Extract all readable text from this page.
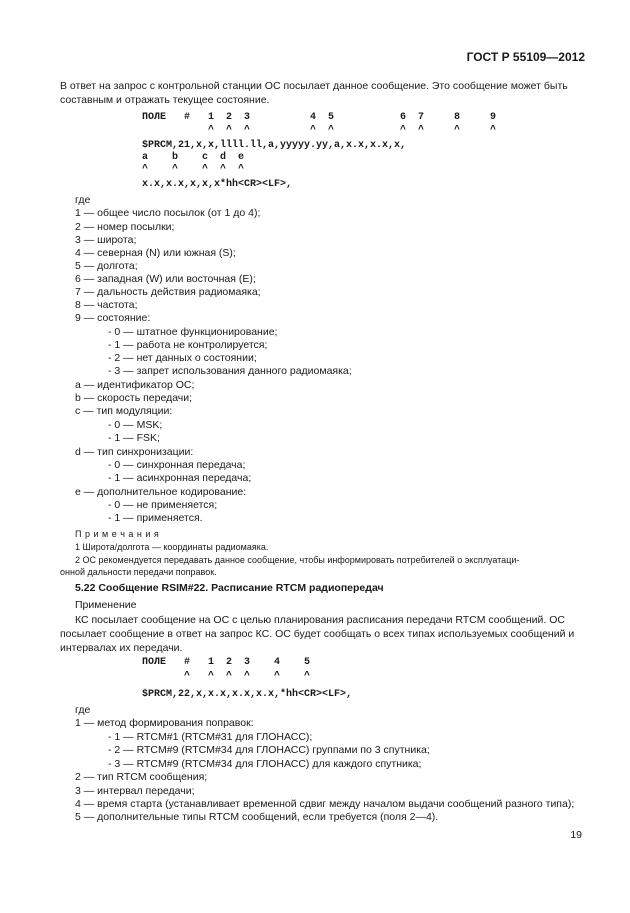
ГОСТ Р 55109—2012

В ответ на запрос с контрольной станции ОС посылает данное сообщение. Это сообщение может быть составным и отражать текущее состояние.

ПОЛЕ   #   1  2  3          4  5           6  7     8     9
^  ^  ^          ^  ^           ^  ^     ^     ^
$PRCM,21,x,x,llll.ll,a,yyyyy.yy,a,x.x,x.x,x,
a    b    c  d  e
^    ^    ^  ^  ^
x.x,x.x,x,x,x*hh<CR><LF>,
где
1 — общее число посылок (от 1 до 4);
2 — номер посылки;
3 — широта;
4 — северная (N) или южная (S);
5 — долгота;
6 — западная (W) или восточная (E);
7 — дальность действия радиомаяка;
8 — частота;
9 — состояние:
- 0 — штатное функционирование;
- 1 — работа не контролируется;
- 2 — нет данных о состоянии;
- 3 — запрет использования данного радиомаяка;
а — идентификатор ОС;
b — скорость передачи;
с — тип модуляции:
- 0 — MSK;
- 1 — FSK;
d — тип синхронизации:
- 0 — синхронная передача;
- 1 — асинхронная передача;
е — дополнительное кодирование:
- 0 — не применяется;
- 1 — применяется.
П р и м е ч а н и я
1 Широта/долгота — координаты радиомаяка.
2 ОС рекомендуется передавать данное сообщение, чтобы информировать потребителей о эксплуатаци-
онной дальности передачи поправок.
5.22 Сообщение RSIM#22. Расписание RTCM радиопередач
Применение

КС посылает сообщение на ОС с целью планирования расписания передачи RTCM сообщений. ОС посылает сообщение в ответ на запрос КС. ОС будет сообщать о всех типах используемых сообщений и интервалах их передачи.

ПОЛЕ   #   1  2  3    4    5
^   ^  ^  ^    ^    ^
$PRCM,22,x,x.x,x.x,x.x,*hh<CR><LF>,
где
1 — метод формирования поправок:
- 1 — RTCM#1 (RTCM#31 для ГЛОНАСС);
- 2 — RTCM#9 (RTCM#34 для ГЛОНАСС) группами по 3 спутника;
- 3 — RTCM#9 (RTCM#34 для ГЛОНАСС) для каждого спутника;
2 — тип RTCM сообщения;
3 — интервал передачи;
4 — время старта (устанавливает временной сдвиг между началом выдачи сообщений разного типа);
5 — дополнительные типы RTCM сообщений, если требуется (поля 2—4).
19
